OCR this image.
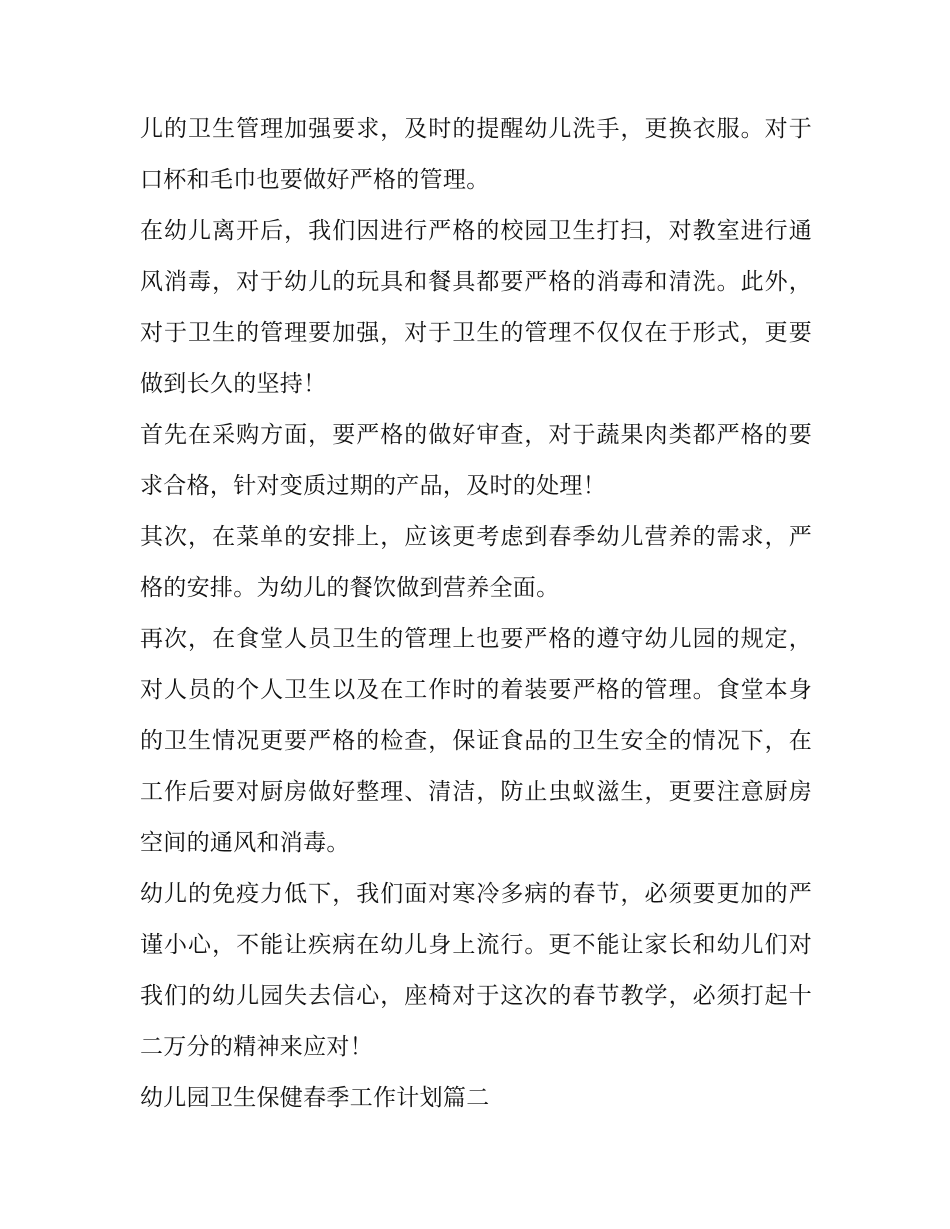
儿的卫生管理加强要求，及时的提醒幼儿洗手，更换衣服。对于口杯和毛巾也要做好严格的管理。

在幼儿离开后，我们因进行严格的校园卫生打扫，对教室进行通风消毒，对于幼儿的玩具和餐具都要严格的消毒和清洗。此外，对于卫生的管理要加强，对于卫生的管理不仅仅在于形式，更要做到长久的坚持！

首先在采购方面，要严格的做好审查，对于蔬果肉类都严格的要求合格，针对变质过期的产品，及时的处理！

其次，在菜单的安排上，应该更考虑到春季幼儿营养的需求，严格的安排。为幼儿的餐饮做到营养全面。

再次，在食堂人员卫生的管理上也要严格的遵守幼儿园的规定，对人员的个人卫生以及在工作时的着装要严格的管理。食堂本身的卫生情况更要严格的检查，保证食品的卫生安全的情况下，在工作后要对厨房做好整理、清洁，防止虫蚁滋生，更要注意厨房空间的通风和消毒。

幼儿的免疫力低下，我们面对寒冷多病的春节，必须要更加的严谨小心，不能让疾病在幼儿身上流行。更不能让家长和幼儿们对我们的幼儿园失去信心，座椅对于这次的春节教学，必须打起十二万分的精神来应对！

幼儿园卫生保健春季工作计划篇二
